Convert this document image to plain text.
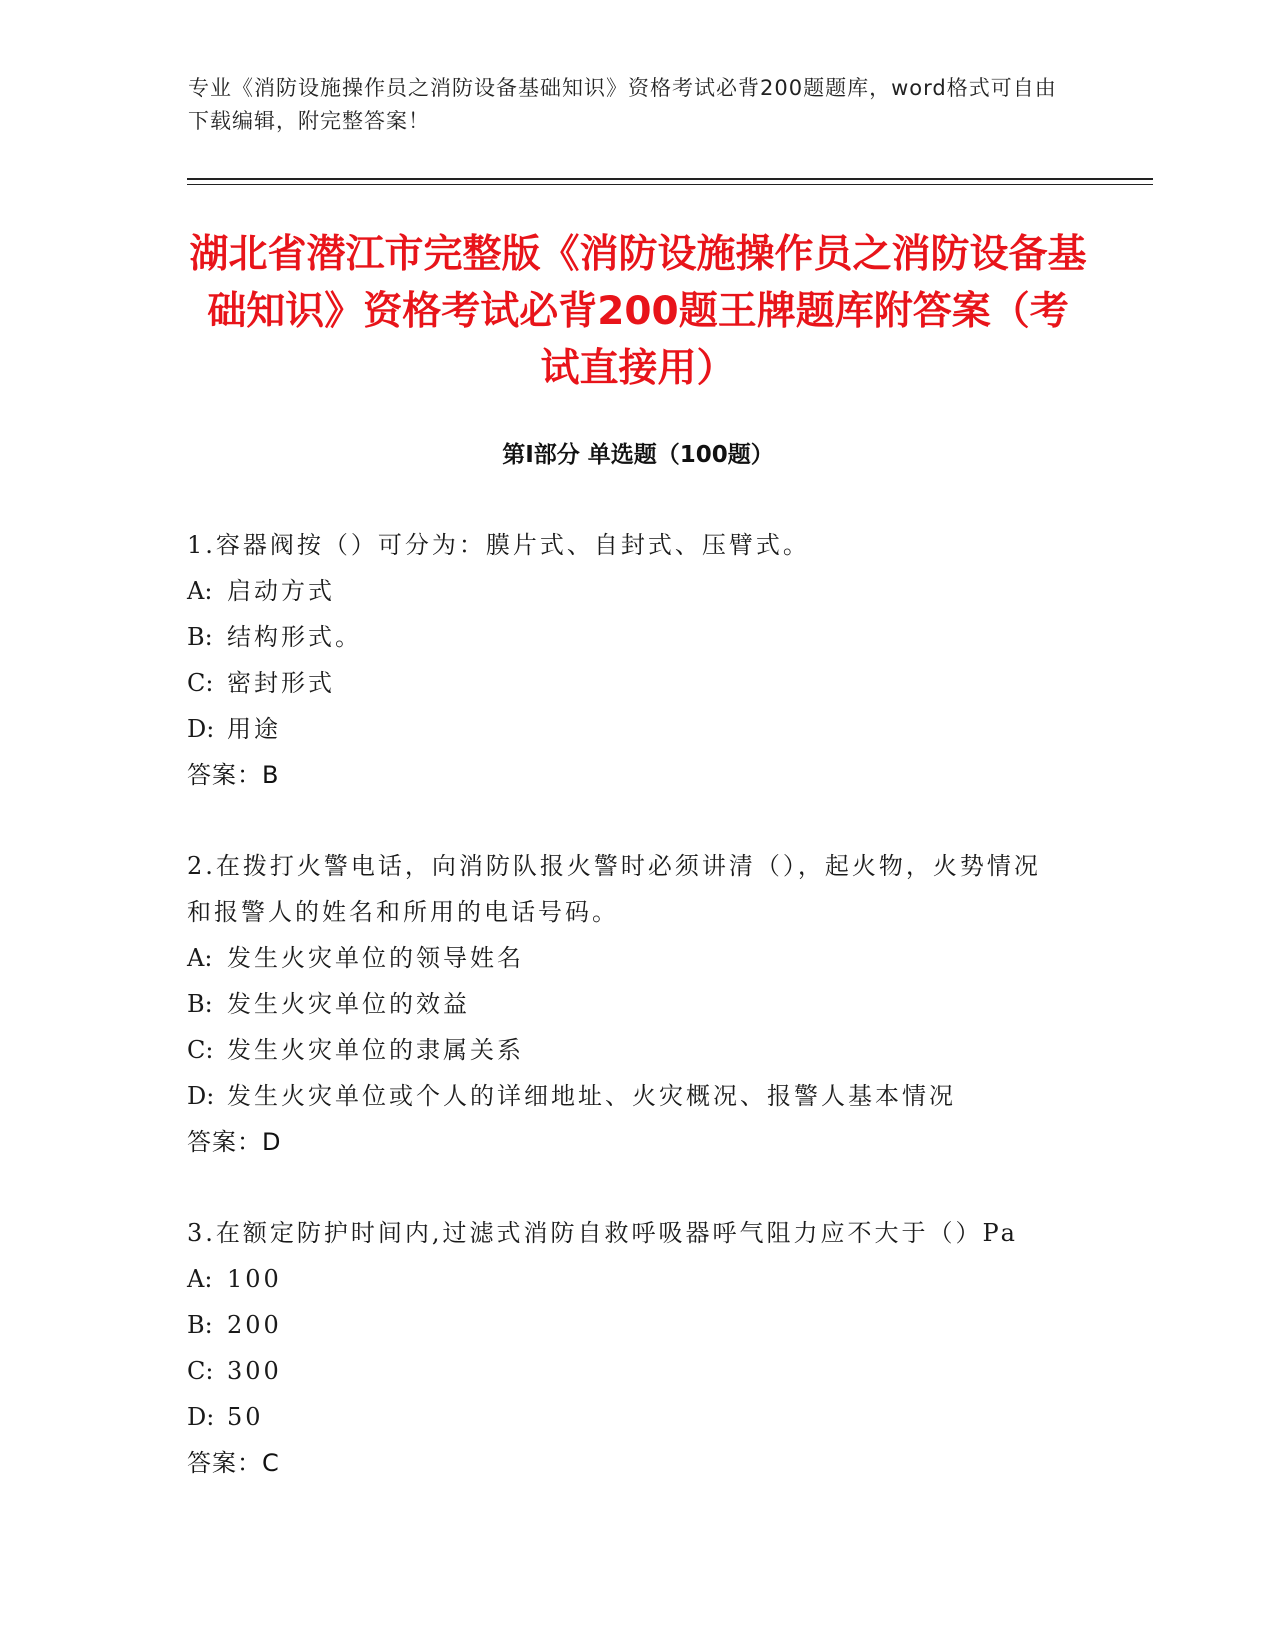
专业《消防设施操作员之消防设备基础知识》资格考试必背200题题库，word格式可自由下载编辑，附完整答案！
湖北省潜江市完整版《消防设施操作员之消防设备基础知识》资格考试必背200题王牌题库附答案（考试直接用）
第Ⅰ部分 单选题（100题）
1.容器阀按（）可分为：膜片式、自封式、压臂式。
A: 启动方式
B: 结构形式。
C: 密封形式
D: 用途
答案：B
2.在拨打火警电话，向消防队报火警时必须讲清（），起火物，火势情况和报警人的姓名和所用的电话号码。
A: 发生火灾单位的领导姓名
B: 发生火灾单位的效益
C: 发生火灾单位的隶属关系
D: 发生火灾单位或个人的详细地址、火灾概况、报警人基本情况
答案：D
3.在额定防护时间内,过滤式消防自救呼吸器呼气阻力应不大于（）Pa
A: 100
B: 200
C: 300
D: 50
答案：C
